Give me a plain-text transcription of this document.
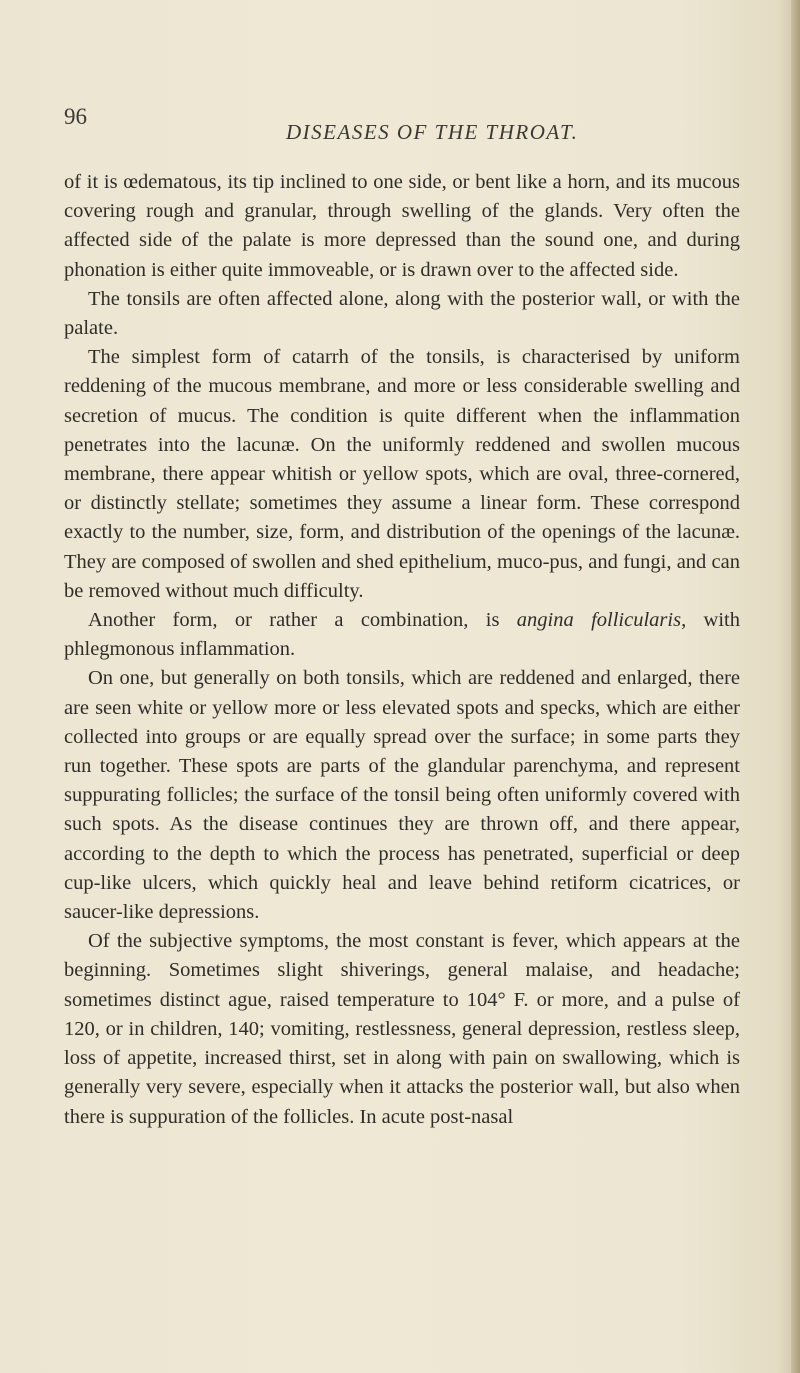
96
DISEASES OF THE THROAT.

of it is œdematous, its tip inclined to one side, or bent like a horn, and its mucous covering rough and granular, through swelling of the glands. Very often the affected side of the palate is more depressed than the sound one, and during phonation is either quite immoveable, or is drawn over to the affected side.

The tonsils are often affected alone, along with the posterior wall, or with the palate.

The simplest form of catarrh of the tonsils, is characterised by uniform reddening of the mucous membrane, and more or less considerable swelling and secretion of mucus. The condition is quite different when the inflammation penetrates into the lacunæ. On the uniformly reddened and swollen mucous membrane, there appear whitish or yellow spots, which are oval, three-cornered, or distinctly stellate; sometimes they assume a linear form. These correspond exactly to the number, size, form, and distribution of the openings of the lacunæ. They are composed of swollen and shed epithelium, muco-pus, and fungi, and can be removed without much difficulty.

Another form, or rather a combination, is angina follicularis, with phlegmonous inflammation.

On one, but generally on both tonsils, which are reddened and enlarged, there are seen white or yellow more or less elevated spots and specks, which are either collected into groups or are equally spread over the surface; in some parts they run together. These spots are parts of the glandular parenchyma, and represent suppurating follicles; the surface of the tonsil being often uniformly covered with such spots. As the disease continues they are thrown off, and there appear, according to the depth to which the process has penetrated, superficial or deep cup-like ulcers, which quickly heal and leave behind retiform cicatrices, or saucer-like depressions.

Of the subjective symptoms, the most constant is fever, which appears at the beginning. Sometimes slight shiverings, general malaise, and headache; sometimes distinct ague, raised temperature to 104° F. or more, and a pulse of 120, or in children, 140; vomiting, restlessness, general depression, restless sleep, loss of appetite, increased thirst, set in along with pain on swallowing, which is generally very severe, especially when it attacks the posterior wall, but also when there is suppuration of the follicles. In acute post-nasal
